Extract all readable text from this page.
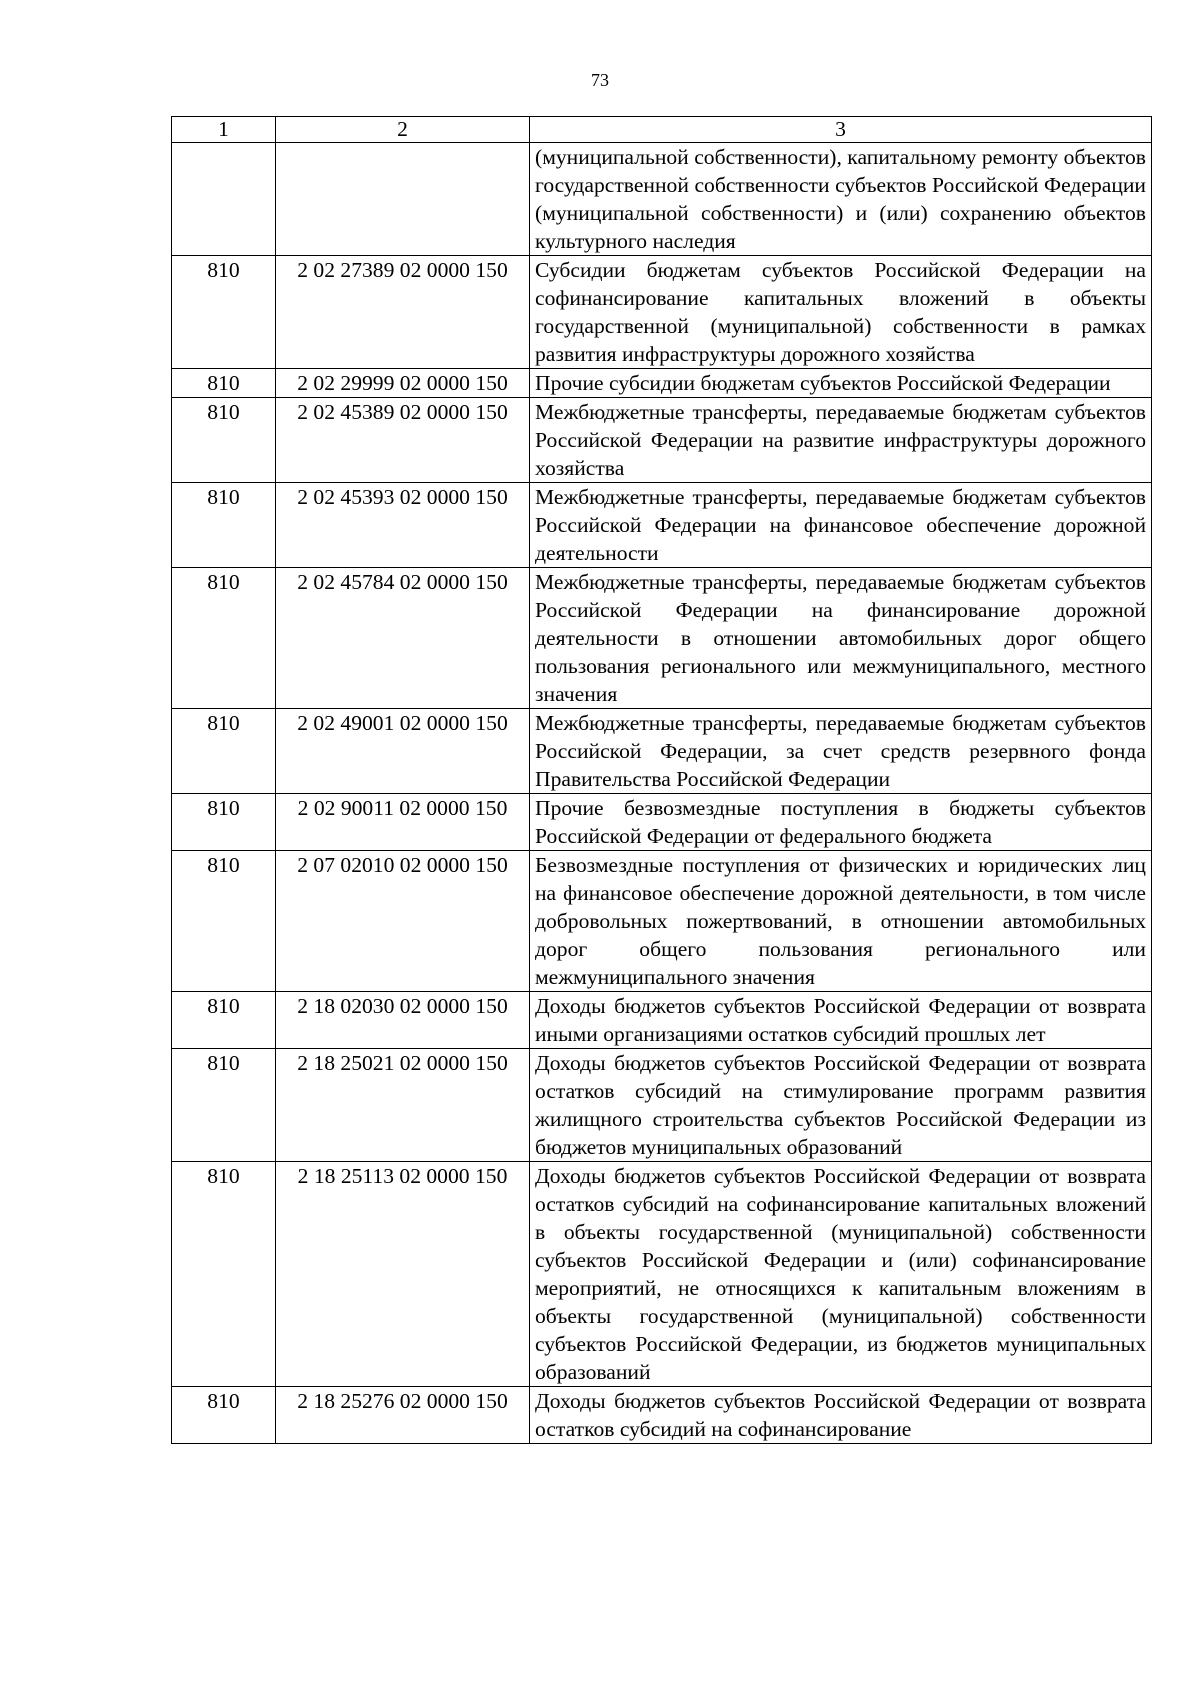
73
1	2	3
		(муниципальной собственности), капитальному ремонту объектов государственной собственности субъектов Российской Федерации (муниципальной собственности) и (или) сохранению объектов культурного наследия
810	2 02 27389 02 0000 150	Субсидии бюджетам субъектов Российской Федерации на софинансирование капитальных вложений в объекты государственной (муниципальной) собственности в рамках развития инфраструктуры дорожного хозяйства
810	2 02 29999 02 0000 150	Прочие субсидии бюджетам субъектов Российской Федерации
810	2 02 45389 02 0000 150	Межбюджетные трансферты, передаваемые бюджетам субъектов Российской Федерации на развитие инфраструктуры дорожного хозяйства
810	2 02 45393 02 0000 150	Межбюджетные трансферты, передаваемые бюджетам субъектов Российской Федерации на финансовое обеспечение дорожной деятельности
810	2 02 45784 02 0000 150	Межбюджетные трансферты, передаваемые бюджетам субъектов Российской Федерации на финансирование дорожной деятельности в отношении автомобильных дорог общего пользования регионального или межмуниципального, местного значения
810	2 02 49001 02 0000 150	Межбюджетные трансферты, передаваемые бюджетам субъектов Российской Федерации, за счет средств резервного фонда Правительства Российской Федерации
810	2 02 90011 02 0000 150	Прочие безвозмездные поступления в бюджеты субъектов Российской Федерации от федерального бюджета
810	2 07 02010 02 0000 150	Безвозмездные поступления от физических и юридических лиц на финансовое обеспечение дорожной деятельности, в том числе добровольных пожертвований, в отношении автомобильных дорог общего пользования регионального или межмуниципального значения
810	2 18 02030 02 0000 150	Доходы бюджетов субъектов Российской Федерации от возврата иными организациями остатков субсидий прошлых лет
810	2 18 25021 02 0000 150	Доходы бюджетов субъектов Российской Федерации от возврата остатков субсидий на стимулирование программ развития жилищного строительства субъектов Российской Федерации из бюджетов муниципальных образований
810	2 18 25113 02 0000 150	Доходы бюджетов субъектов Российской Федерации от возврата остатков субсидий на софинансирование капитальных вложений в объекты государственной (муниципальной) собственности субъектов Российской Федерации и (или) софинансирование мероприятий, не относящихся к капитальным вложениям в объекты государственной (муниципальной) собственности субъектов Российской Федерации, из бюджетов муниципальных образований
810	2 18 25276 02 0000 150	Доходы бюджетов субъектов Российской Федерации от возврата остатков субсидий на софинансирование
